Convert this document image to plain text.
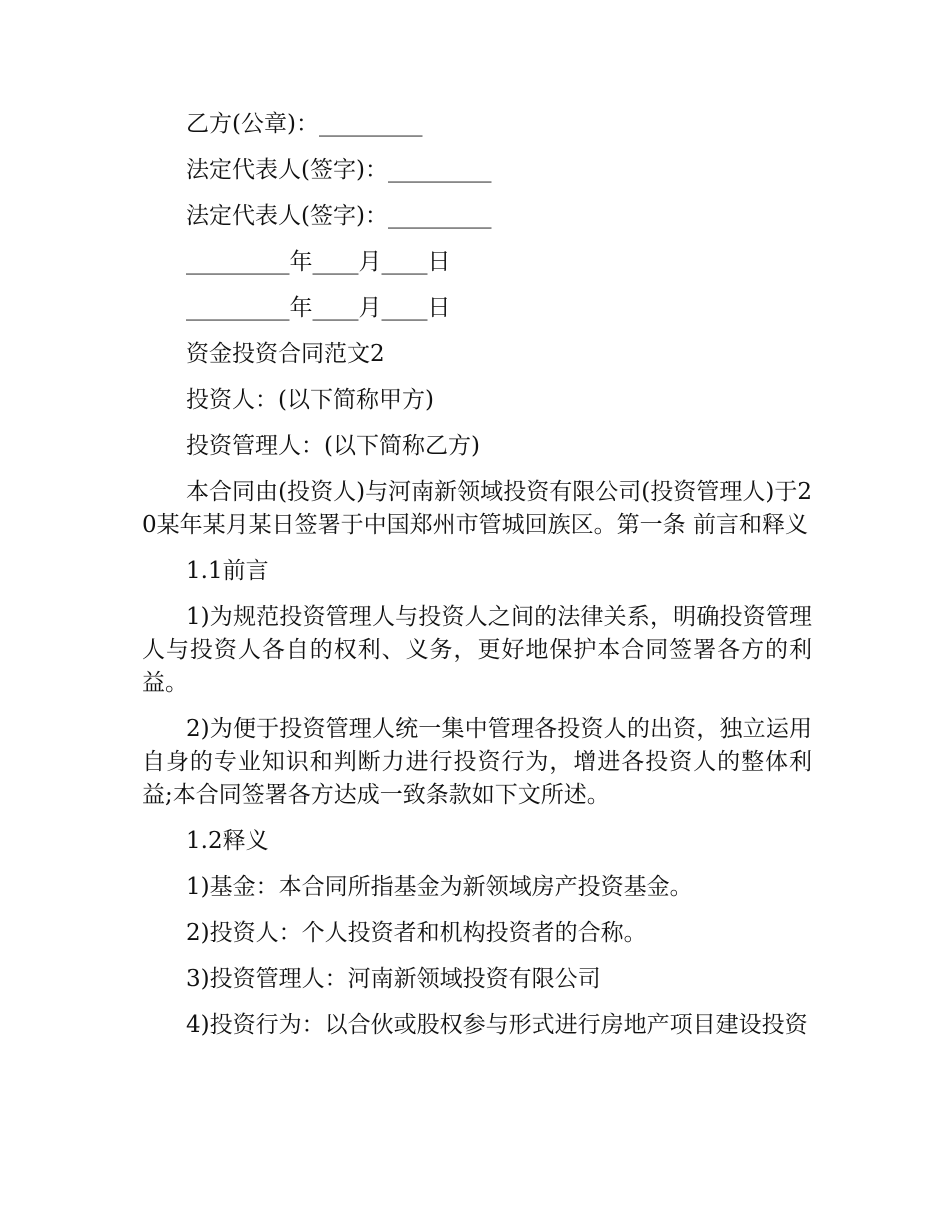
乙方(公章)：_________

法定代表人(签字)：_________

法定代表人(签字)：_________

_________年____月____日

_________年____月____日

资金投资合同范文2

投资人：(以下简称甲方)

投资管理人：(以下简称乙方)

本合同由(投资人)与河南新领域投资有限公司(投资管理人)于20某年某月某日签署于中国郑州市管城回族区。第一条 前言和释义

1.1前言

1)为规范投资管理人与投资人之间的法律关系，明确投资管理人与投资人各自的权利、义务，更好地保护本合同签署各方的利益。

2)为便于投资管理人统一集中管理各投资人的出资，独立运用自身的专业知识和判断力进行投资行为，增进各投资人的整体利益;本合同签署各方达成一致条款如下文所述。

1.2释义

1)基金：本合同所指基金为新领域房产投资基金。

2)投资人：个人投资者和机构投资者的合称。

3)投资管理人：河南新领域投资有限公司

4)投资行为：以合伙或股权参与形式进行房地产项目建设投资
